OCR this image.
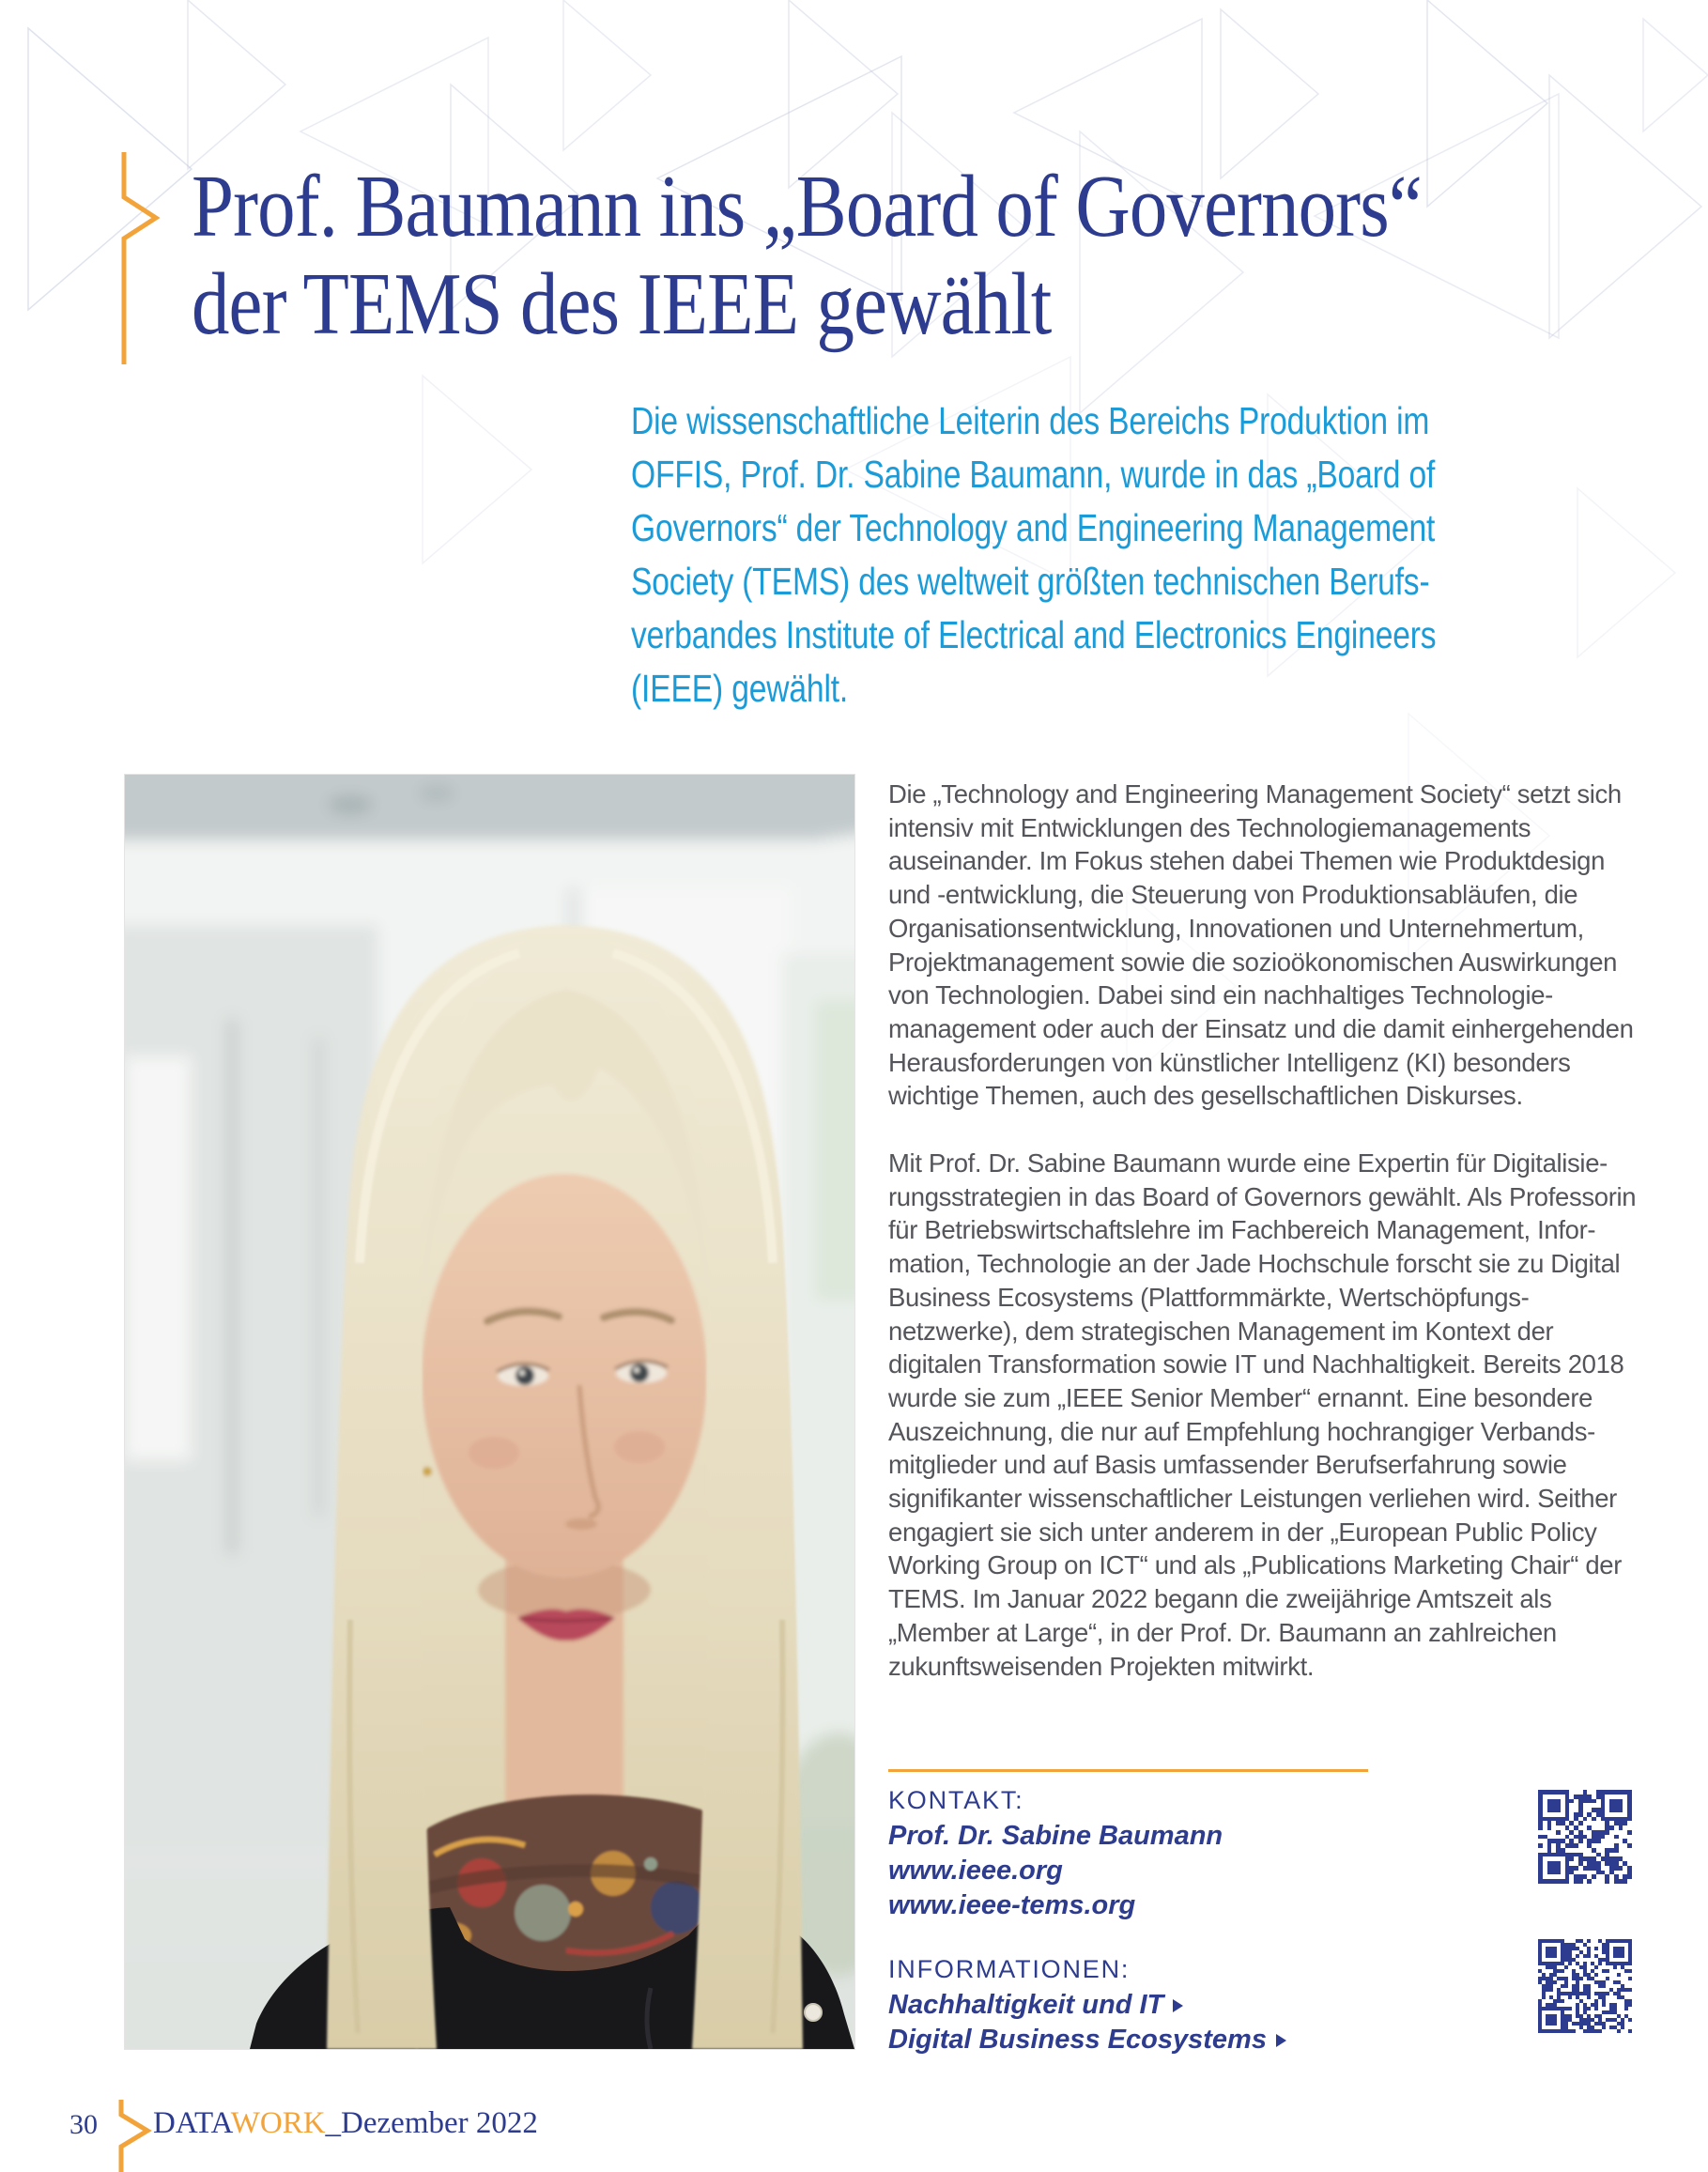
Prof. Baumann ins „Board of Governors“
der TEMS des IEEE gewählt

Die wissenschaftliche Leiterin des Bereichs Produktion im OFFIS, Prof. Dr. Sabine Baumann, wurde in das „Board of Governors“ der Technology and Engineering Management Society (TEMS) des weltweit größten technischen Berufsverbandes Institute of Electrical and Electronics Engineers (IEEE) gewählt.

Die „Technology and Engineering Management Society“ setzt sich intensiv mit Entwicklungen des Technologiemanagements auseinander. Im Fokus stehen dabei Themen wie Produktdesign und -entwicklung, die Steuerung von Produktionsabläufen, die Organisationsentwicklung, Innovationen und Unternehmertum, Projektmanagement sowie die sozioökonomischen Auswirkungen von Technologien. Dabei sind ein nachhaltiges Technologiemanagement oder auch der Einsatz und die damit einhergehenden Herausforderungen von künstlicher Intelligenz (KI) besonders wichtige Themen, auch des gesellschaftlichen Diskurses.

Mit Prof. Dr. Sabine Baumann wurde eine Expertin für Digitalisierungsstrategien in das Board of Governors gewählt. Als Professorin für Betriebswirtschaftslehre im Fachbereich Management, Information, Technologie an der Jade Hochschule forscht sie zu Digital Business Ecosystems (Plattformmärkte, Wertschöpfungsnetzwerke), dem strategischen Management im Kontext der digitalen Transformation sowie IT und Nachhaltigkeit. Bereits 2018 wurde sie zum „IEEE Senior Member“ ernannt. Eine besondere Auszeichnung, die nur auf Empfehlung hochrangiger Verbandsmitglieder und auf Basis umfassender Berufserfahrung sowie signifikanter wissenschaftlicher Leistungen verliehen wird. Seither engagiert sie sich unter anderem in der „European Public Policy Working Group on ICT“ und als „Publications Marketing Chair“ der TEMS. Im Januar 2022 begann die zweijährige Amtszeit als „Member at Large“, in der Prof. Dr. Baumann an zahlreichen zukunftsweisenden Projekten mitwirkt.

KONTAKT:
Prof. Dr. Sabine Baumann
www.ieee.org
www.ieee-tems.org
INFORMATIONEN:
Nachhaltigkeit und IT
Digital Business Ecosystems
30 DATAWORK_Dezember 2022
